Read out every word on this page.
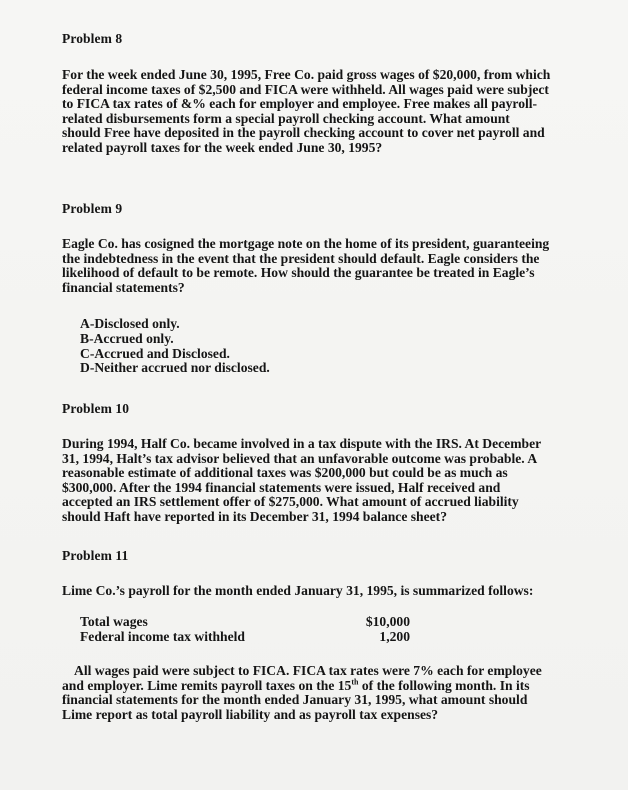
Problem 8

For the week ended June 30, 1995, Free Co. paid gross wages of $20,000, from which
federal income taxes of $2,500 and FICA were withheld. All wages paid were subject
to FICA tax rates of &% each for employer and employee. Free makes all payroll-
related disbursements form a special payroll checking account. What amount
should Free have deposited in the payroll checking account to cover net payroll and
related payroll taxes for the week ended June 30, 1995?

Problem 9

Eagle Co. has cosigned the mortgage note on the home of its president, guaranteeing
the indebtedness in the event that the president should default. Eagle considers the
likelihood of default to be remote. How should the guarantee be treated in Eagle’s
financial statements?

A-Disclosed only.
B-Accrued only.
C-Accrued and Disclosed.
D-Neither accrued nor disclosed.
Problem 10

During 1994, Half Co. became involved in a tax dispute with the IRS. At December
31, 1994, Halt’s tax advisor believed that an unfavorable outcome was probable. A
reasonable estimate of additional taxes was $200,000 but could be as much as
$300,000. After the 1994 financial statements were issued, Half received and
accepted an IRS settlement offer of $275,000. What amount of accrued liability
should Haft have reported in its December 31, 1994 balance sheet?

Problem 11

Lime Co.’s payroll for the month ended January 31, 1995, is summarized follows:

Total wages	$10,000
Federal income tax withheld	1,200

All wages paid were subject to FICA. FICA tax rates were 7% each for employee
and employer. Lime remits payroll taxes on the 15th of the following month. In its
financial statements for the month ended January 31, 1995, what amount should
Lime report as total payroll liability and as payroll tax expenses?
